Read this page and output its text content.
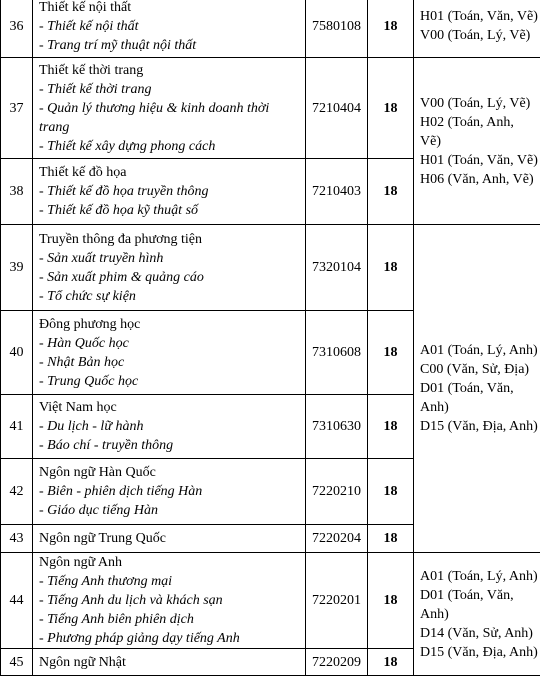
36	Thiết kế nội thất
- Thiết kế nội thất
- Trang trí mỹ thuật nội thất	7580108	18	H01 (Toán, Văn, Vẽ)
V00 (Toán, Lý, Vẽ)

37	Thiết kế thời trang
- Thiết kế thời trang
- Quản lý thương hiệu & kinh doanh thời trang
- Thiết kế xây dựng phong cách	7210404	18	V00 (Toán, Lý, Vẽ)
H02 (Toán, Anh,
Vẽ)
H01 (Toán, Văn, Vẽ)
H06 (Văn, Anh, Vẽ)

38	Thiết kế đồ họa
- Thiết kế đồ họa truyền thông
- Thiết kế đồ họa kỹ thuật số	7210403	18	
39	Truyền thông đa phương tiện
- Sản xuất truyền hình
- Sản xuất phim & quảng cáo
- Tổ chức sự kiện	7320104	18	A01 (Toán, Lý, Anh)
C00 (Văn, Sử, Địa)
D01 (Toán, Văn,
Anh)
D15 (Văn, Địa, Anh)

40	Đông phương học
- Hàn Quốc học
- Nhật Bản học
- Trung Quốc học	7310608	18	
41	Việt Nam học
- Du lịch - lữ hành
- Báo chí - truyền thông	7310630	18	
42	Ngôn ngữ Hàn Quốc
- Biên - phiên dịch tiếng Hàn
- Giáo dục tiếng Hàn	7220210	18	
43	Ngôn ngữ Trung Quốc	7220204	18	
44	Ngôn ngữ Anh
- Tiếng Anh thương mại
- Tiếng Anh du lịch và khách sạn
- Tiếng Anh biên phiên dịch
- Phương pháp giảng dạy tiếng Anh	7220201	18	A01 (Toán, Lý, Anh)
D01 (Toán, Văn,
Anh)
D14 (Văn, Sử, Anh)
D15 (Văn, Địa, Anh)

45	Ngôn ngữ Nhật	7220209	18	
